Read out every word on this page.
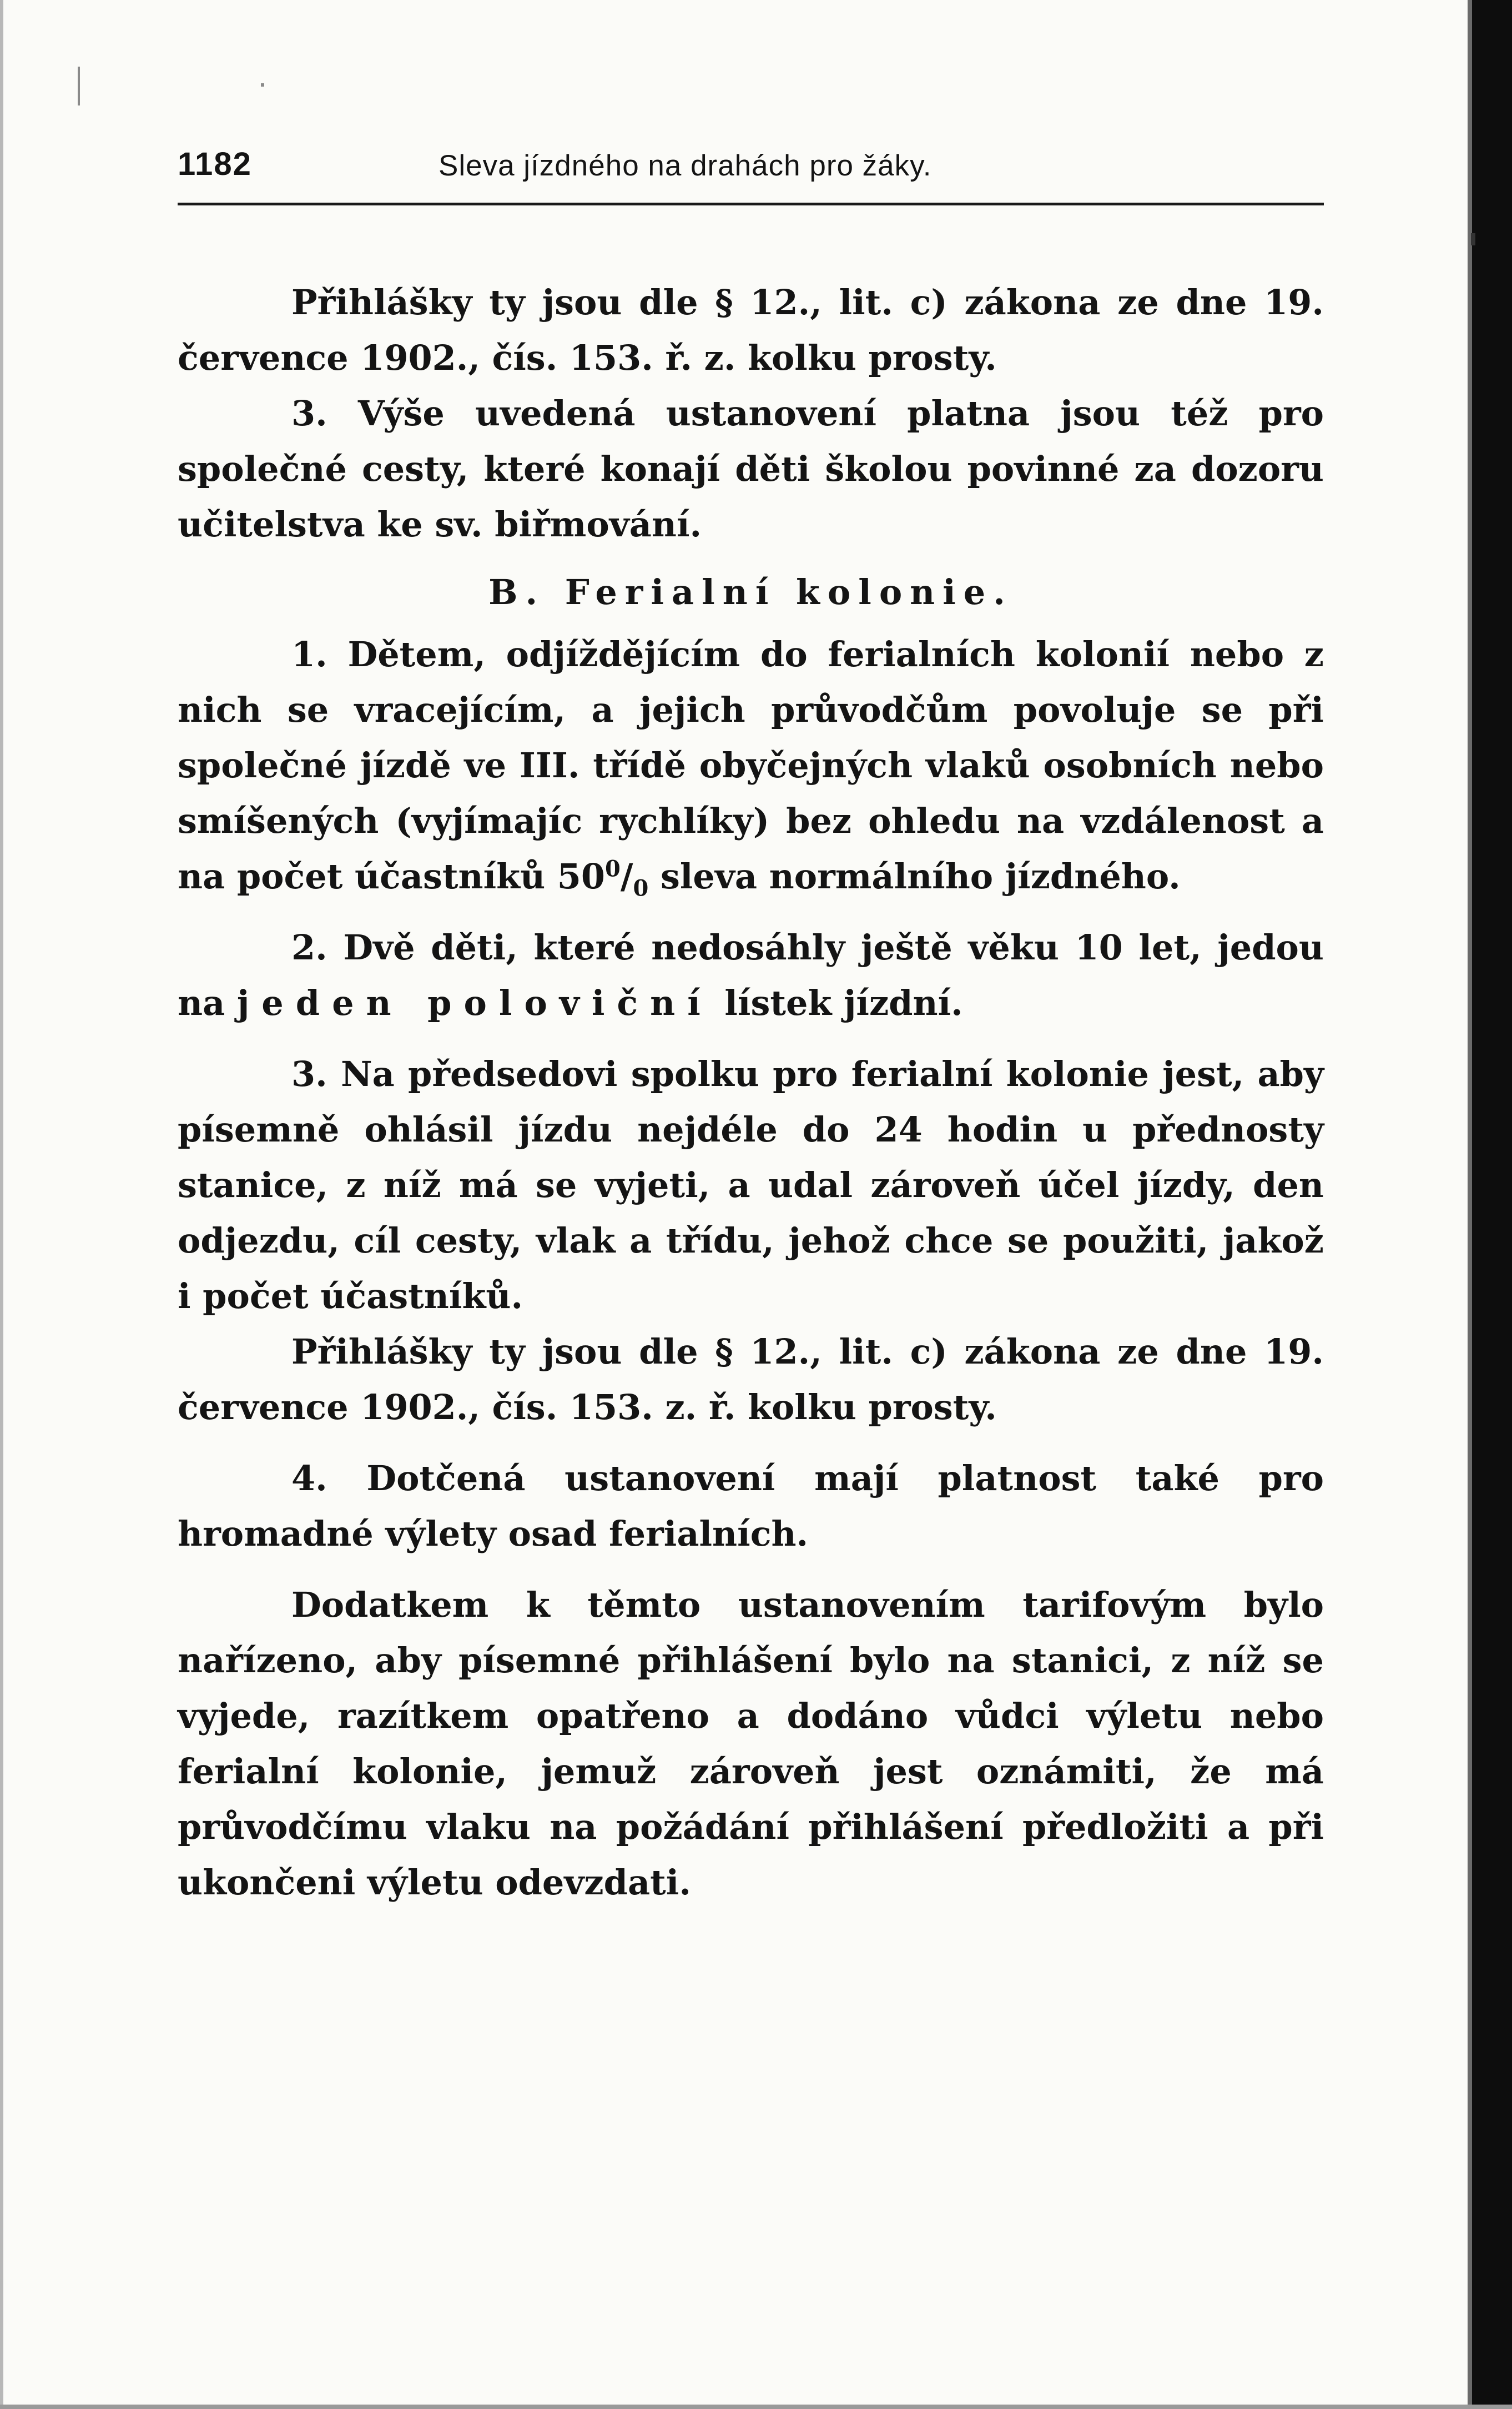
1182	Sleva jízdného na drahách pro žáky.

Přihlášky ty jsou dle § 12., lit. c) zákona ze dne 19. července 1902., čís. 153. ř. z. kolku prosty.

3. Výše uvedená ustanovení platna jsou též pro společné cesty, které konají děti školou povinné za dozoru učitelstva ke sv. biřmování.

B. Ferialní kolonie.

1. Dětem, odjíždějícím do ferialních kolonií nebo z nich se vracejícím, a jejich průvodčům povoluje se při společné jízdě ve III. třídě obyčejných vlaků osobních nebo smíšených (vyjímajíc rychlíky) bez ohledu na vzdálenost a na počet účastníků $50^0/_0$ sleva normálního jízdného.

2. Dvě děti, které nedosáhly ještě věku 10 let, jedou na jeden poloviční lístek jízdní.

3. Na předsedovi spolku pro ferialní kolonie jest, aby písemně ohlásil jízdu nejdéle do 24 hodin u přednosty stanice, z níž má se vyjeti, a udal zároveň účel jízdy, den odjezdu, cíl cesty, vlak a třídu, jehož chce se použiti, jakož i počet účastníků.

Přihlášky ty jsou dle § 12., lit. c) zákona ze dne 19. července 1902., čís. 153. z. ř. kolku prosty.

4. Dotčená ustanovení mají platnost také pro hromadné výlety osad ferialních.

Dodatkem k těmto ustanovením tarifovým bylo nařízeno, aby písemné přihlášení bylo na stanici, z níž se vyjede, razítkem opatřeno a dodáno vůdci výletu nebo ferialní kolonie, jemuž zároveň jest oznámiti, že má průvodčímu vlaku na požádání přihlášení předložiti a při ukončeni výletu odevzdati.
